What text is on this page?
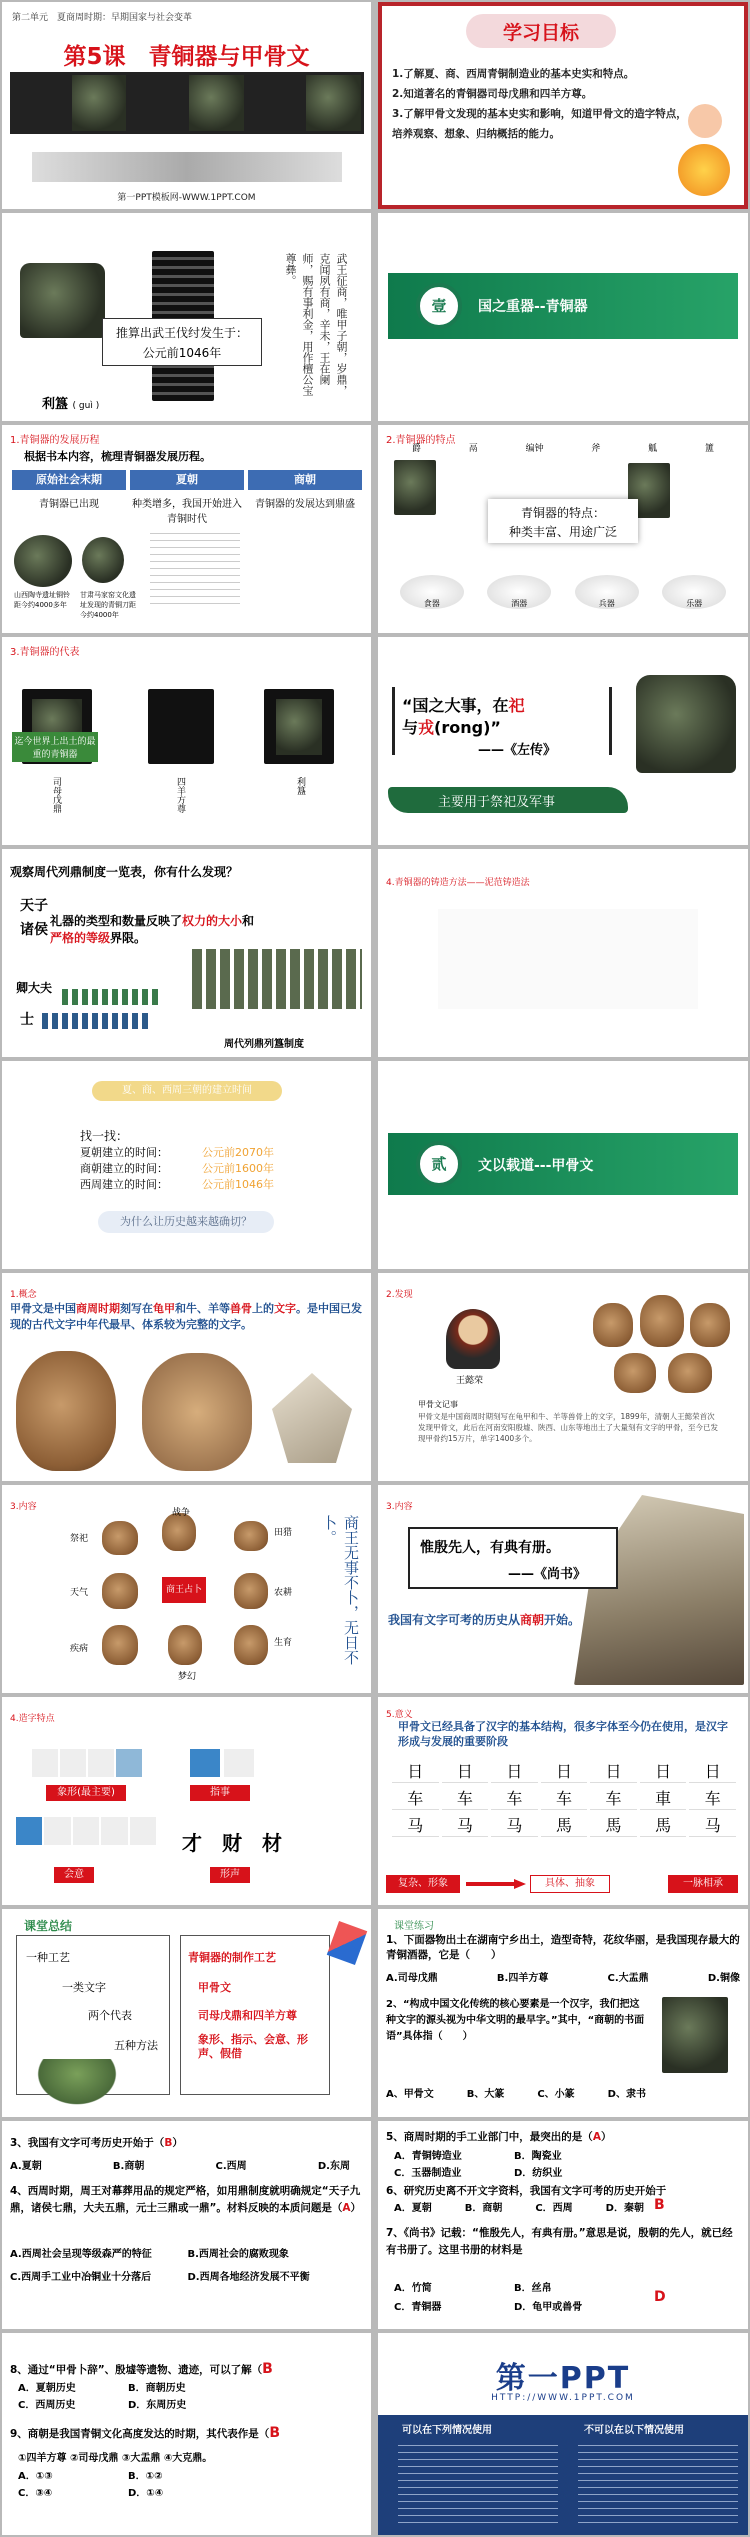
第二单元　夏商周时期：早期国家与社会变革
第5课　青铜器与甲骨文
第一PPT模板网-WWW.1PPT.COM
学习目标
1.了解夏、商、西周青铜制造业的基本史实和特点。
2.知道著名的青铜器司母戊鼎和四羊方尊。
3.了解甲骨文发现的基本史实和影响，知道甲骨文的造字特点，培养观察、想象、归纳概括的能力。
利簋 ( guì )
武王征商，唯甲子朝，岁鼎，克闻夙有商，辛未，王在阑师，赐有事利金，用作檀公宝尊彝。
推算出武王伐纣发生于：
公元前1046年
壹	国之重器--青铜器
1.青铜器的发展历程
根据书本内容，梳理青铜器发展历程。
原始社会末期	夏朝	商朝
青铜器已出现	种类增多，我国开始进入青铜时代
青铜器的发展达到鼎盛
山西陶寺遗址铜铃距今约4000多年
甘肃马家窑文化遗址发现的青铜刀距今约4000年
2.青铜器的特点
爵	鬲	编钟	斧	觚	簠
青铜器的特点：
种类丰富、用途广泛
食器	酒器	兵器	乐器
3.青铜器的代表
迄今世界上出土的最重的青铜器
司母戊鼎	四羊方尊	利簋
“国之大事，在祀
与戎(rong)”
——《左传》
主要用于祭祀及军事
观察周代列鼎制度一览表，你有什么发现？
天子
诸侯
卿大夫
士
礼器的类型和数量反映了权力的大小和
严格的等级界限。
周代列鼎列簋制度
4.青铜器的铸造方法——泥范铸造法
夏、商、西周三朝的建立时间
找一找：
夏朝建立的时间：
商朝建立的时间：
西周建立的时间：
公元前2070年
公元前1600年
公元前1046年
为什么让历史越来越确切？
贰	文以载道---甲骨文
1.概念
甲骨文是中国商周时期刻写在龟甲和牛、羊等兽骨上的文字。是中国已发现的古代文字中年代最早、体系较为完整的文字。
2.发现
王懿荣
甲骨文记事
甲骨文是中国商周时期刻写在龟甲和牛、羊等兽骨上的文字，1899年，清朝人王懿荣首次发现甲骨文，此后在河南安阳殷墟、陕西、山东等地出土了大量刻有文字的甲骨，至今已发现甲骨约15万片，单字1400多个。
3.内容
商王占卜
战争
祭祀
田猎
天气	农耕
疾病
生育
梦幻
商王无事不卜，无日不卜。
3.内容
惟殷先人，有典有册。
——《尚书》
我国有文字可考的历史从商朝开始。
4.造字特点
象形(最主要)	指事
会意
才　财　材
形声
5.意义
甲骨文已经具备了汉字的基本结构，很多字体至今仍在使用，是汉字形成与发展的重要阶段
日	日	日	日	日	日	日
车	车	车	车	车	車	车
马	马	马	馬	馬	馬	马
复杂、形象	具体、抽象	一脉相承
课堂总结
一种工艺
一类文字
两个代表
五种方法
青铜器的制作工艺
甲骨文
司母戊鼎和四羊方尊
象形、指示、会意、形声、假借
课堂练习
1、下面器物出土在湖南宁乡出土，造型奇特，花纹华丽，是我国现存最大的青铜酒器，它是（　　）
A.司母戊鼎	B.四羊方尊	C.大盂鼎	D.铜像
2、“构成中国文化传统的核心要素是一个汉字，我们把这种文字的源头视为中华文明的最早字。”其中，“商朝的书面语”具体指（　　）
A、甲骨文	B、大篆	C、小篆	D、隶书
3、我国有文字可考历史开始于（B）
A.夏朝	B.商朝	C.西周	D.东周
4、西周时期，周王对幕葬用品的规定严格，如用鼎制度就明确规定“天子九鼎，诸侯七鼎，大夫五鼎，元士三鼎或一鼎”。材料反映的本质问题是（A）
A.西周社会呈现等级森严的特征	B.西周社会的腐败现象
C.西周手工业中冶铜业十分落后	D.西周各地经济发展不平衡
5、商周时期的手工业部门中，最突出的是（A）
A．青铜铸造业	B．陶瓷业
C．玉器制造业	D．纺织业
6、研究历史离不开文字资料，我国有文字可考的历史开始于
A．夏朝	B．商朝	C．西周	D．秦朝 B
7、《尚书》记载：“惟殷先人，有典有册。”意思是说，殷朝的先人，就已经有书册了。这里书册的材料是
A．竹简	B．丝帛
C．青铜器	D．龟甲或兽骨
D
8、通过“甲骨卜辞”、殷墟等遗物、遗迹，可以了解（B
A．夏朝历史	B．商朝历史
C．西周历史	D．东周历史
9、商朝是我国青铜文化高度发达的时期，其代表作是（B
①四羊方尊 ②司母戊鼎 ③大盂鼎 ④大克鼎。
A．①③	B．①②
C．③④	D．①④
第一PPT
HTTP://WWW.1PPT.COM
可以在下列情况使用	不可以在以下情况使用
